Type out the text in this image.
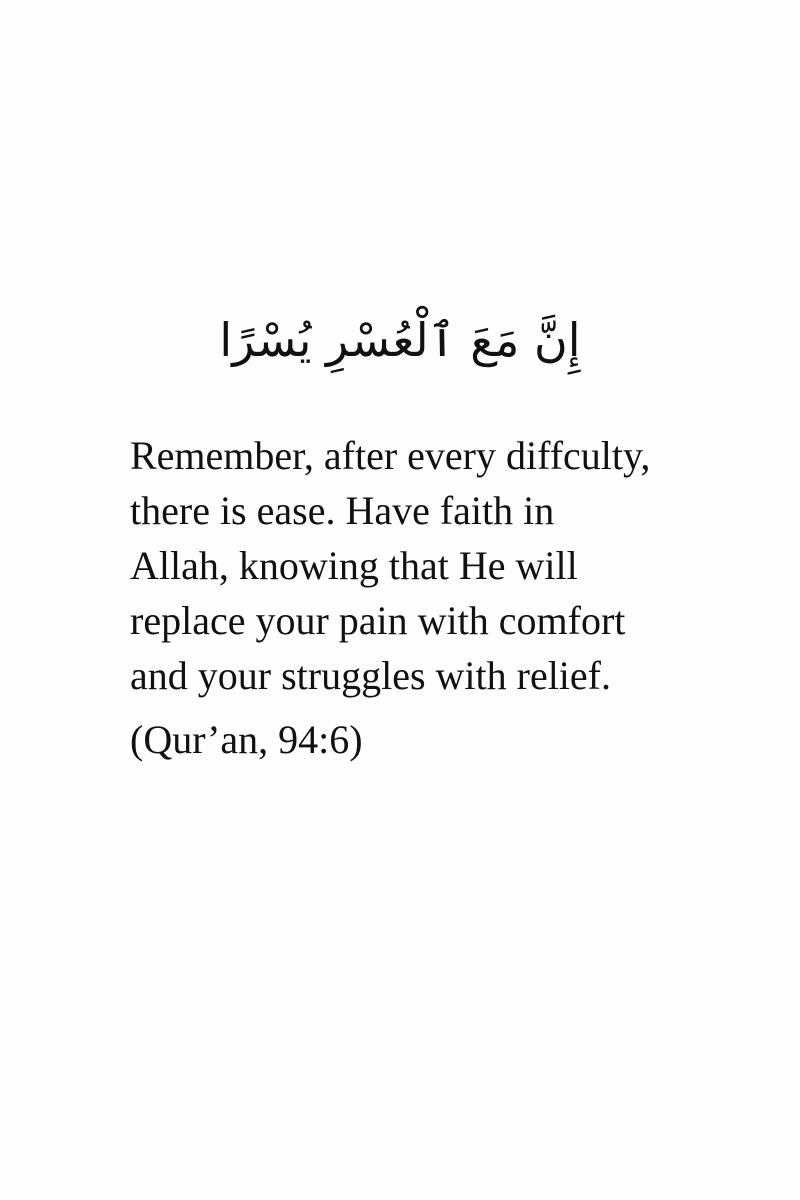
إِنَّ مَعَ ٱلْعُسْرِ يُسْرًا

Remember, after every diffculty,
there is ease. Have faith in
Allah, knowing that He will
replace your pain with comfort
and your struggles with relief.

(Qur’an, 94:6)
